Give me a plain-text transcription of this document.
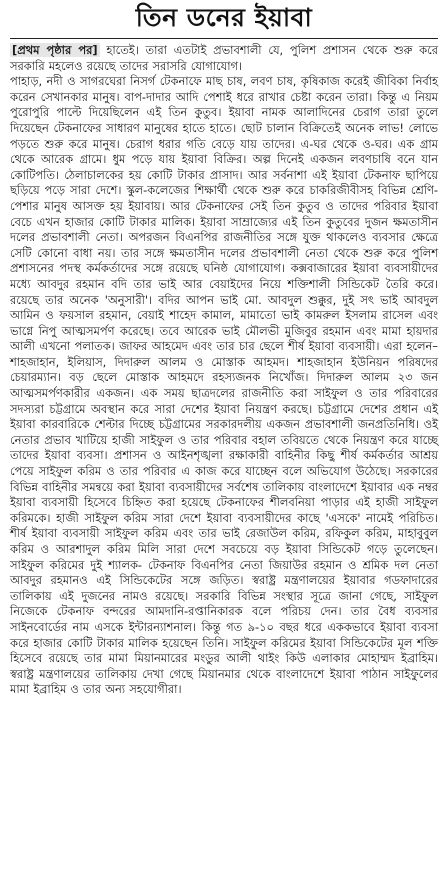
তিন ডনের ইয়াবা

[প্রথম পৃষ্ঠার পর] হাতেই। তারা এতটাই প্রভাবশালী যে, পুলিশ প্রশাসন থেকে শুরু করে সরকারি মহলেও রয়েছে তাদের সরাসরি যোগাযোগ।

পাহাড়, নদী ও সাগরঘেরা নিসর্গ টেকনাফে মাছ চাষ, লবণ চাষ, কৃষিকাজ করেই জীবিকা নির্বাহ করেন সেখানকার মানুষ। বাপ-দাদার আদি পেশাই ধরে রাখার চেষ্টা করেন তারা। কিন্তু এ নিয়ম পুরোপুরি পাল্টে দিয়েছিলেন এই তিন কুতুব। ইয়াবা নামক আলাদিনের চেরাগ তারা তুলে দিয়েছেন টেকনাফের সাধারণ মানুষের হাতে হাতে। ছোট চালান বিক্রিতেই অনেক লাভ! লোভে পড়তে শুরু করে মানুষ। চেরাগ ধরার গতি বেড়ে যায় তাদের। এ-ঘর থেকে ও-ঘর। এক গ্রাম থেকে আরেক গ্রামে। ধুম পড়ে যায় ইয়াবা বিক্রির। অল্প দিনেই একজন লবণচাষি বনে যান কোটিপতি। ঠেলাচালকের হয় কোটি টাকার প্রাসাদ। আর সর্বনাশা এই ইয়াবা টেকনাফ ছাপিয়ে ছড়িয়ে পড়ে সারা দেশে। স্কুল-কলেজের শিক্ষার্থী থেকে শুরু করে চাকরিজীবীসহ বিভিন্ন শ্রেণি-পেশার মানুষ আসক্ত হয় ইয়াবায়। আর টেকনাফের সেই তিন কুতুব ও তাদের পরিবার ইয়াবা বেচে এখন হাজার কোটি টাকার মালিক। ইয়াবা সাম্রাজ্যের এই তিন কুতুবের দুজন ক্ষমতাসীন দলের প্রভাবশালী নেতা। অপরজন বিএনপির রাজনীতির সঙ্গে যুক্ত থাকলেও ব্যবসার ক্ষেত্রে সেটি কোনো বাধা নয়। তার সঙ্গে ক্ষমতাসীন দলের প্রভাবশালী নেতা থেকে শুরু করে পুলিশ প্রশাসনের পদস্থ কর্মকর্তাদের সঙ্গে রয়েছে ঘনিষ্ঠ যোগাযোগ। কক্সবাজারের ইয়াবা ব্যবসায়ীদের মধ্যে আবদুর রহমান বদি তার ভাই আর বেয়াইদের নিয়ে শক্তিশালী সিন্ডিকেট তৈরি করে। রয়েছে তার অনেক 'অনুসারী'। বদির আপন ভাই মো. আবদুল শুক্কুর, দুই সৎ ভাই আবদুল আমিন ও ফয়সাল রহমান, বেয়াই শাহেদ কামাল, মামাতো ভাই কামরুল ইসলাম রাসেল এবং ভাগ্নে নিপু আত্মসমর্পণ করেছে। তবে আরেক ভাই মৌলভী মুজিবুর রহমান এবং মামা হায়দার আলী এখনো পলাতক। জাফর আহমেদ এবং তার চার ছেলে শীর্ষ ইয়াবা ব্যবসায়ী। এরা হলেন– শাহজাহান, ইলিয়াস, দিদারুল আলম ও মোস্তাক আহমদ। শাহজাহান ইউনিয়ন পরিষদের চেয়ারম্যান। বড় ছেলে মোস্তাক আহমদে রহস্যজনক নিখোঁজ। দিদারুল আলম ২৩ জন আত্মসমর্পণকারীর একজন। এক সময় ছাত্রদলের রাজনীতি করা সাইফুল ও তার পরিবারের সদস্যরা চট্টগ্রামে অবস্থান করে সারা দেশের ইয়াবা নিয়ন্ত্রণ করছে। চট্টগ্রামে দেশের প্রধান এই ইয়াবা কারবারিকে শেল্টার দিচ্ছে চট্টগ্রামের সরকারদলীয় একজন প্রভাবশালী জনপ্রতিনিধি। ওই নেতার প্রভাব খাটিয়ে হাজী সাইফুল ও তার পরিবার বহাল তবিয়তে থেকে নিয়ন্ত্রণ করে যাচ্ছে তাদের ইয়াবা ব্যবসা। প্রশাসন ও আইনশৃঙ্খলা রক্ষাকারী বাহিনীর কিছু শীর্ষ কর্মকর্তার আশ্রয় পেয়ে সাইফুল করিম ও তার পরিবার এ কাজ করে যাচ্ছেন বলে অভিযোগ উঠেছে। সরকারের বিভিন্ন বাহিনীর সমন্বয়ে করা ইয়াবা ব্যবসায়ীদের সর্বশেষ তালিকায় বাংলাদেশে ইয়াবার এক নম্বর ইয়াবা ব্যবসায়ী হিসেবে চিহ্নিত করা হয়েছে টেকনাফের শীলবনিয়া পাড়ার এই হাজী সাইফুল করিমকে। হাজী সাইফুল করিম সারা দেশে ইয়াবা ব্যবসায়ীদের কাছে 'এসকে' নামেই পরিচিত। শীর্ষ ইয়াবা ব্যবসায়ী সাইফুল করিম এবং তার ভাই রেজাউল করিম, রফিকুল করিম, মাহাবুবুল করিম ও আরশাদুল করিম মিলি সারা দেশে সবচেয়ে বড় ইয়াবা সিন্ডিকেট গড়ে তুলেছেন। সাইফুল করিমের দুই শ্যালক- টেকনাফ বিএনপির নেতা জিয়াউর রহমান ও শ্রমিক দল নেতা আবদুর রহমানও এই সিন্ডিকেটের সঙ্গে জড়িত। স্বরাষ্ট্র মন্ত্রণালয়ের ইয়াবার গডফাদারের তালিকায় এই দুজনের নামও রয়েছে। সরকারি বিভিন্ন সংস্থার সূত্রে জানা গেছে, সাইফুল নিজেকে টেকনাফ বন্দরের আমদানি-রপ্তানিকারক বলে পরিচয় দেন। তার বৈধ ব্যবসার সাইনবোর্ডের নাম এসকে ইন্টারন্যাশনাল। কিন্তু গত ৯-১০ বছর ধরে এককভাবে ইয়াবা ব্যবসা করে হাজার কোটি টাকার মালিক হয়েছেন তিনি। সাইফুল করিমের ইয়াবা সিন্ডিকেটের মূল শক্তি হিসেবে রয়েছে তার মামা মিয়ানমারের মংডুর আলী থাইং কিউ এলাকার মোহাম্মদ ইব্রাহিম। স্বরাষ্ট্র মন্ত্রণালয়ের তালিকায় দেখা গেছে মিয়ানমার থেকে বাংলাদেশে ইয়াবা পাঠান সাইফুলের মামা ইব্রাহিম ও তার অন্য সহযোগীরা।
